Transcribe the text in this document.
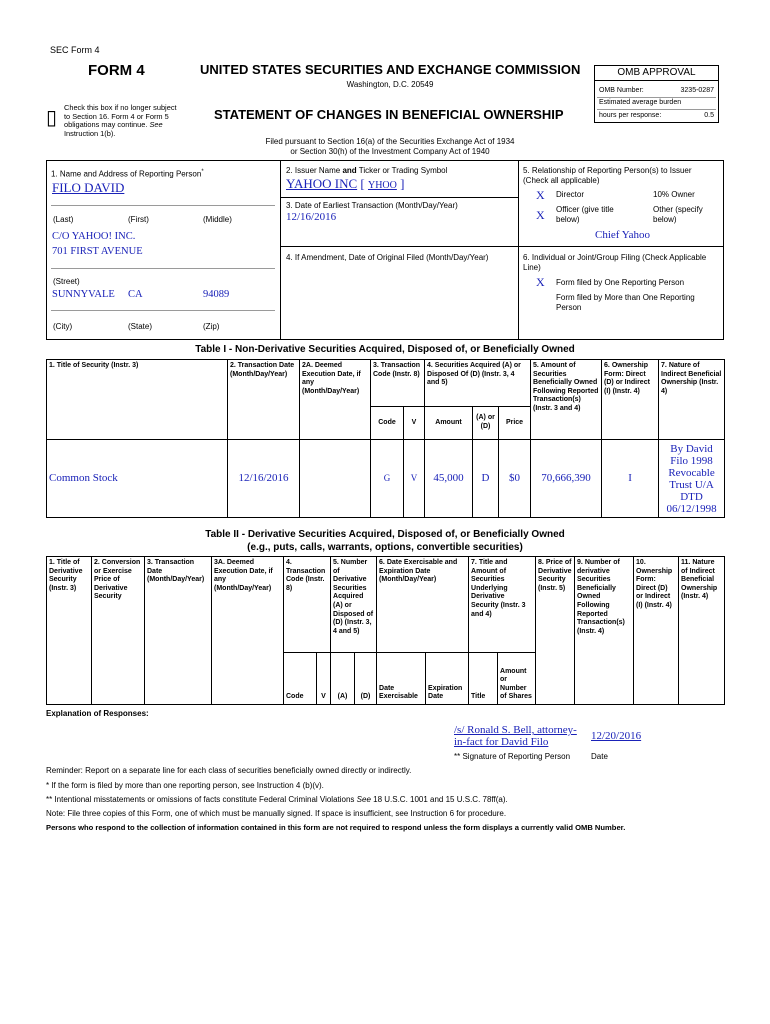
SEC Form 4
FORM 4	UNITED STATES SECURITIES AND EXCHANGE COMMISSION
Washington, D.C. 20549
▯ Check this box if no longer subject
to Section 16. Form 4 or Form 5
obligations may continue. See
Instruction 1(b).
STATEMENT OF CHANGES IN BENEFICIAL OWNERSHIP
Filed pursuant to Section 16(a) of the Securities Exchange Act of 1934
or Section 30(h) of the Investment Company Act of 1940
OMB APPROVAL
OMB Number:	3235-0287
Estimated average burden
hours per response:	0.5
1. Name and Address of Reporting Person*
FILO DAVID
(Last)	(First)	(Middle)
C/O YAHOO! INC.
701 FIRST AVENUE
(Street)
SUNNYVALE CA	94089
(City)	(State)	(Zip)
2. Issuer Name and Ticker or Trading Symbol
YAHOO INC [ YHOO ]
3. Date of Earliest Transaction (Month/Day/Year)
12/16/2016
4. If Amendment, Date of Original Filed (Month/Day/Year)
5. Relationship of Reporting Person(s) to Issuer
(Check all applicable)
X Director	10% Owner
X Officer (give title
below)
Other (specify
below)
Chief Yahoo
6. Individual or Joint/Group Filing (Check Applicable
Line)
X Form filed by One Reporting Person
Form filed by More than One Reporting
Person
Table I - Non-Derivative Securities Acquired, Disposed of, or Beneficially Owned
1. Title of Security (Instr. 3)	2. Transaction Date (Month/Day/Year)	2A. Deemed Execution Date, if any (Month/Day/Year)	3. Transaction Code (Instr. 8)		4. Securities Acquired (A) or Disposed Of (D) (Instr. 3, 4 and 5)			5. Amount of Securities Beneficially Owned Following Reported Transaction(s) (Instr. 3 and 4)	6. Ownership Form: Direct (D) or Indirect (I) (Instr. 4)	7. Nature of Indirect Beneficial Ownership (Instr. 4)
			Code	V	Amount	(A) or (D)	Price			
Common Stock	12/16/2016		G	V	45,000	D	$0	70,666,390	I	By David Filo 1998 Revocable Trust U/A DTD 06/12/1998
Table II - Derivative Securities Acquired, Disposed of, or Beneficially Owned
(e.g., puts, calls, warrants, options, convertible securities)
1. Title of Derivative Security (Instr. 3)	2. Conversion or Exercise Price of Derivative Security	3. Transaction Date (Month/Day/Year)	3A. Deemed Execution Date, if any (Month/Day/Year)	4. Transaction Code (Instr. 8)		5. Number of Derivative Securities Acquired (A) or Disposed of (D) (Instr. 3, 4 and 5)		6. Date Exercisable and Expiration Date (Month/Day/Year)		7. Title and Amount of Securities Underlying Derivative Security (Instr. 3 and 4)		8. Price of Derivative Security (Instr. 5)	9. Number of derivative Securities Beneficially Owned Following Reported Transaction(s) (Instr. 4)	10. Ownership Form: Direct (D) or Indirect (I) (Instr. 4)	11. Nature of Indirect Beneficial Ownership (Instr. 4)
				Code	V	(A)	(D)	Date Exercisable	Expiration Date	Title	Amount or Number of Shares				
Explanation of Responses:
/s/ Ronald S. Bell, attorney-in-fact for David Filo	12/20/2016
** Signature of Reporting Person	Date
Reminder: Report on a separate line for each class of securities beneficially owned directly or indirectly.
* If the form is filed by more than one reporting person, see Instruction 4 (b)(v).
** Intentional misstatements or omissions of facts constitute Federal Criminal Violations See 18 U.S.C. 1001 and 15 U.S.C. 78ff(a).
Note: File three copies of this Form, one of which must be manually signed. If space is insufficient, see Instruction 6 for procedure.
Persons who respond to the collection of information contained in this form are not required to respond unless the form displays a currently valid OMB Number.
